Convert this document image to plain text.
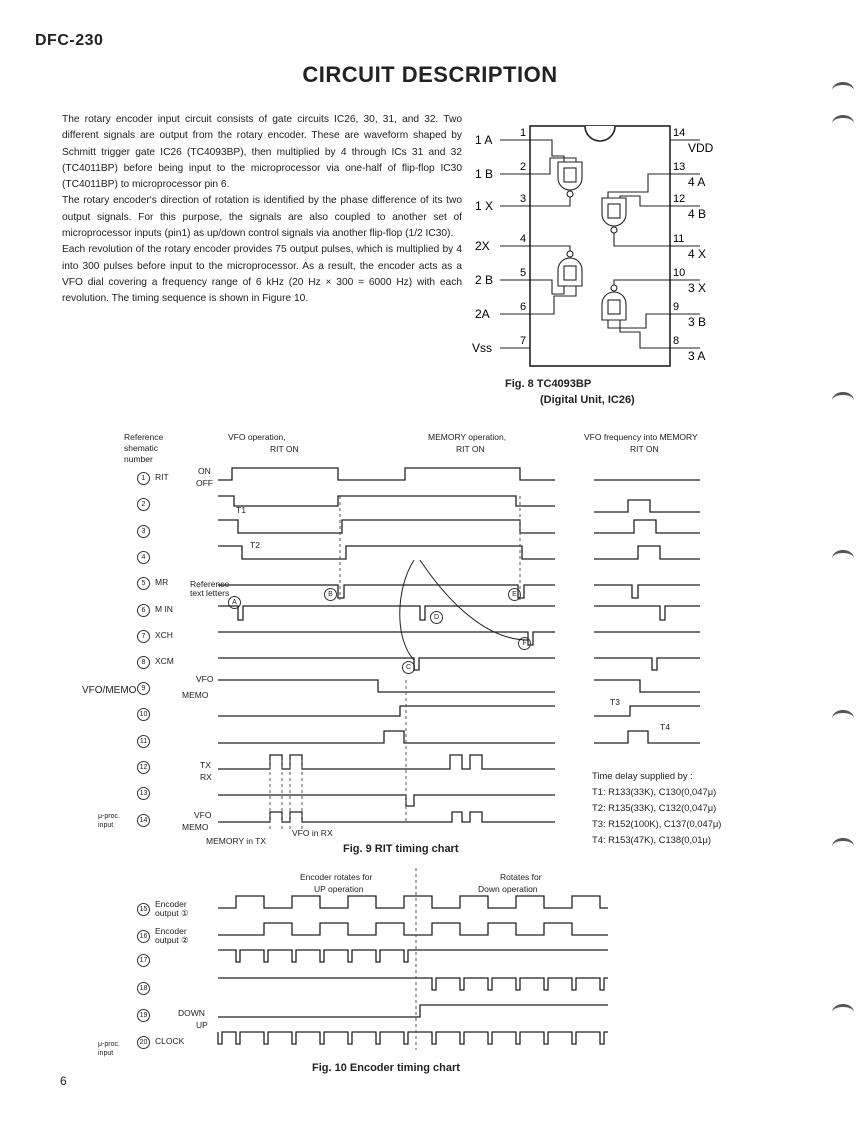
DFC-230
CIRCUIT DESCRIPTION

The rotary encoder input circuit consists of gate circuits IC26, 30, 31, and 32. Two different signals are output from the rotary encoder. These are waveform shaped by Schmitt trigger gate IC26 (TC4093BP), then multiplied by 4 through ICs 31 and 32 (TC4011BP) before being input to the microprocessor via one-half of flip-flop IC30 (TC4011BP) to microprocessor pin 6.

The rotary encoder's direction of rotation is identified by the phase difference of its two output signals. For this purpose, the signals are also coupled to another set of microprocessor inputs (pin1) as up/down control signals via another flip-flop (1/2 IC30).

Each revolution of the rotary encoder provides 75 output pulses, which is multiplied by 4 into 300 pulses before input to the microprocessor. As a result, the encoder acts as a VFO dial covering a frequency range of 6 kHz (20 Hz × 300 = 6000 Hz) with each revolution. The timing sequence is shown in Figure 10.

1 A
1 B
1 X
2X
2 B
2A
Vss
1
2
3
4
5
6
7
14
13
12
11
10
9
8
VDD
4 A
4 B
4 X
3 X
3 B
3 A
Fig. 8 TC4093BP
(Digital Unit, IC26)
Reference shematic number
VFO operation,
RIT ON
MEMORY operation,
RIT ON
VFO frequency into MEMORY
RIT ON
1 RIT
2
3
4
5 MR
6 M IN
7 XCH
8 XCM
9
10
11
12
13
14
ON
OFF
Reference text letters
VFO
MEMO
VFO/MEMO
TX
RX
VFO
MEMO
μ-proc. input
MEMORY in TX
VFO in RX
T1
T2
T3
T4
A
B
C
D
E
F
Fig. 9 RIT timing chart
Time delay supplied by :
T1: R133(33K), C130(0,047μ)
T2: R135(33K), C132(0,047μ)
T3: R152(100K), C137(0,047μ)
T4: R153(47K), C138(0,01μ)
Encoder rotates for
UP operation
Rotates for
Down operation
15Encoder output ①
16Encoder output ②
17
18
19
20 CLOCK
DOWN
UP
μ-proc. input
Fig. 10 Encoder timing chart
6
